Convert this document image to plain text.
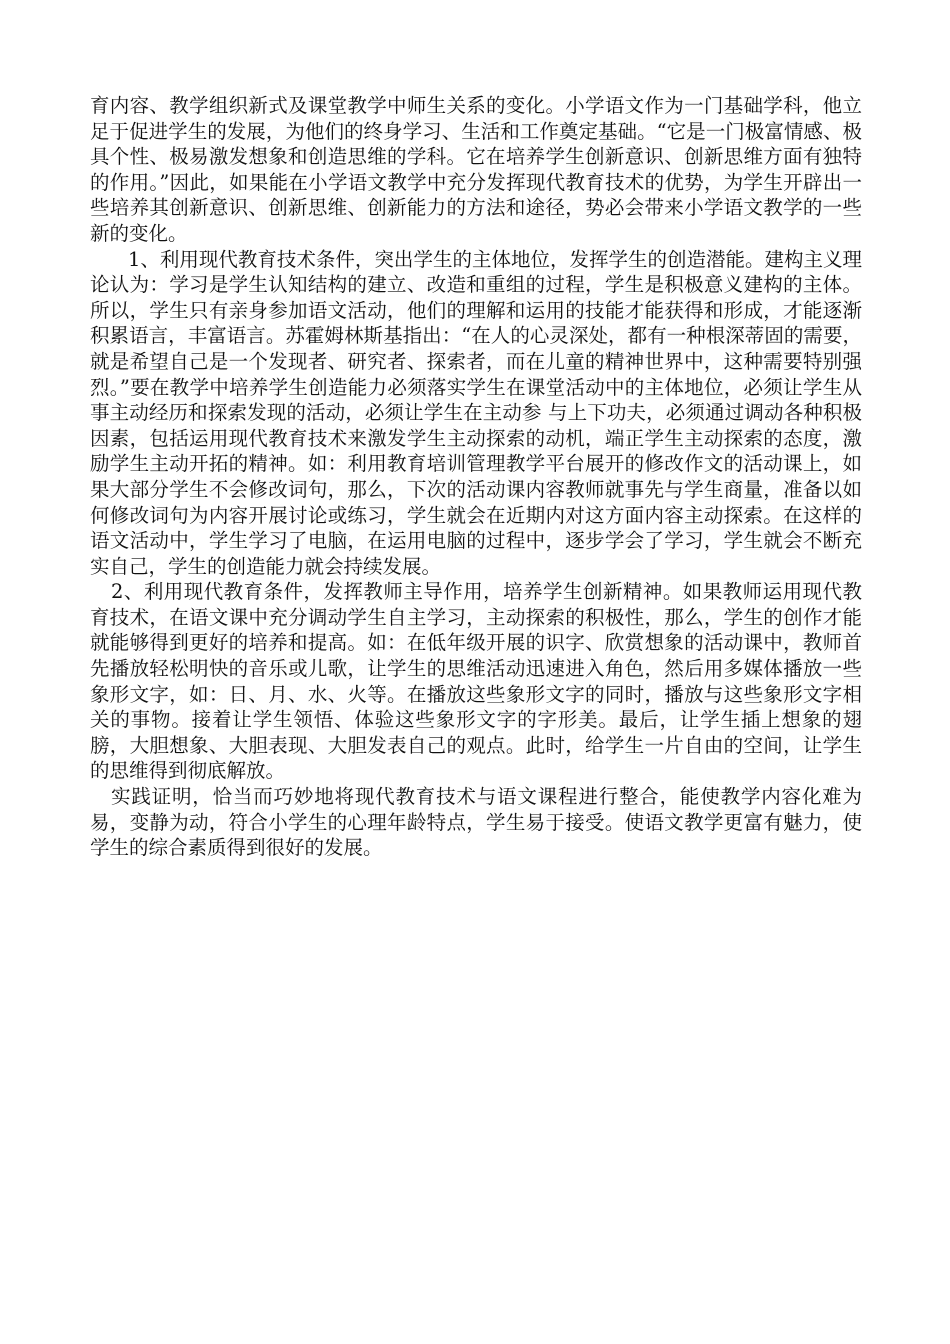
育内容、教学组织新式及课堂教学中师生关系的变化。小学语文作为一门基础学科，他立足于促进学生的发展，为他们的终身学习、生活和工作奠定基础。“它是一门极富情感、极具个性、极易激发想象和创造思维的学科。它在培养学生创新意识、创新思维方面有独特的作用。”因此，如果能在小学语文教学中充分发挥现代教育技术的优势，为学生开辟出一些培养其创新意识、创新思维、创新能力的方法和途径，势必会带来小学语文教学的一些新的变化。

1、利用现代教育技术条件，突出学生的主体地位，发挥学生的创造潜能。建构主义理论认为：学习是学生认知结构的建立、改造和重组的过程，学生是积极意义建构的主体。所以，学生只有亲身参加语文活动，他们的理解和运用的技能才能获得和形成，才能逐渐积累语言，丰富语言。苏霍姆林斯基指出：“在人的心灵深处，都有一种根深蒂固的需要，就是希望自己是一个发现者、研究者、探索者，而在儿童的精神世界中，这种需要特别强烈。”要在教学中培养学生创造能力必须落实学生在课堂活动中的主体地位，必须让学生从事主动经历和探索发现的活动，必须让学生在主动参 与上下功夫，必须通过调动各种积极因素，包括运用现代教育技术来激发学生主动探索的动机，端正学生主动探索的态度，激励学生主动开拓的精神。如：利用教育培训管理教学平台展开的修改作文的活动课上，如果大部分学生不会修改词句，那么，下次的活动课内容教师就事先与学生商量，准备以如何修改词句为内容开展讨论或练习，学生就会在近期内对这方面内容主动探索。在这样的语文活动中，学生学习了电脑，在运用电脑的过程中，逐步学会了学习，学生就会不断充实自己，学生的创造能力就会持续发展。

2、利用现代教育条件，发挥教师主导作用，培养学生创新精神。如果教师运用现代教育技术，在语文课中充分调动学生自主学习，主动探索的积极性，那么，学生的创作才能就能够得到更好的培养和提高。如：在低年级开展的识字、欣赏想象的活动课中，教师首先播放轻松明快的音乐或儿歌，让学生的思维活动迅速进入角色，然后用多媒体播放一些象形文字，如：日、月、水、火等。在播放这些象形文字的同时，播放与这些象形文字相关的事物。接着让学生领悟、体验这些象形文字的字形美。最后，让学生插上想象的翅膀，大胆想象、大胆表现、大胆发表自己的观点。此时，给学生一片自由的空间，让学生的思维得到彻底解放。

实践证明，恰当而巧妙地将现代教育技术与语文课程进行整合，能使教学内容化难为易，变静为动，符合小学生的心理年龄特点，学生易于接受。使语文教学更富有魅力，使学生的综合素质得到很好的发展。
